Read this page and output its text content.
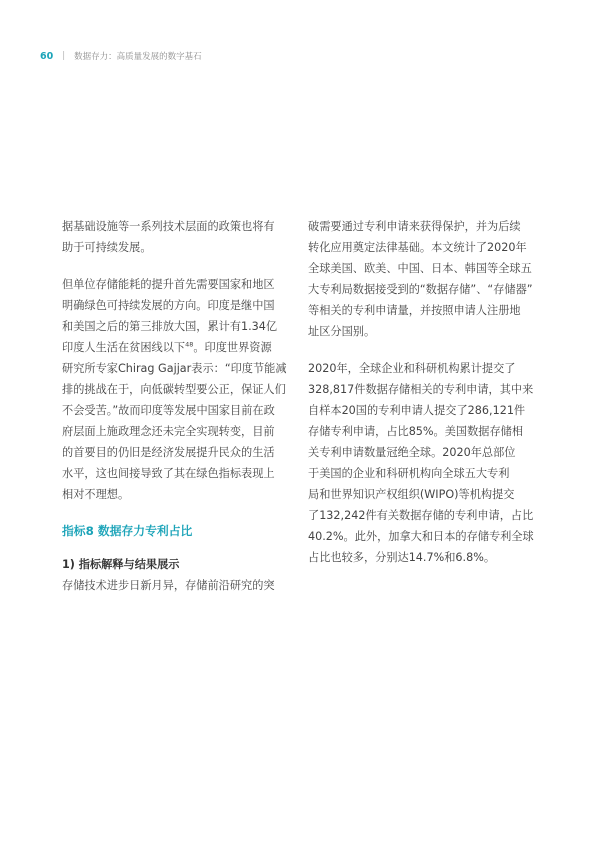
60 | 数据存力：高质量发展的数字基石

据基础设施等一系列技术层面的政策也将有
助于可持续发展。

但单位存储能耗的提升首先需要国家和地区
明确绿色可持续发展的方向。印度是继中国
和美国之后的第三排放大国，累计有1.34亿
印度人生活在贫困线以下$^{48}$。印度世界资源
研究所专家Chirag Gajjar表示：“印度节能减
排的挑战在于，向低碳转型要公正，保证人们
不会受苦。”故而印度等发展中国家目前在政
府层面上施政理念还未完全实现转变，目前
的首要目的仍旧是经济发展提升民众的生活
水平，这也间接导致了其在绿色指标表现上
相对不理想。

指标8 数据存力专利占比
1) 指标解释与结果展示

存储技术进步日新月异，存储前沿研究的突

破需要通过专利申请来获得保护，并为后续
转化应用奠定法律基础。本文统计了2020年
全球美国、欧美、中国、日本、韩国等全球五
大专利局数据接受到的“数据存储”、“存储器”
等相关的专利申请量，并按照申请人注册地
址区分国别。

2020年，全球企业和科研机构累计提交了
328,817件数据存储相关的专利申请，其中来
自样本20国的专利申请人提交了286,121件
存储专利申请，占比85%。美国数据存储相
关专利申请数量冠绝全球。2020年总部位
于美国的企业和科研机构向全球五大专利
局和世界知识产权组织(WIPO)等机构提交
了132,242件有关数据存储的专利申请，占比
40.2%。此外，加拿大和日本的存储专利全球
占比也较多，分别达14.7%和6.8%。
